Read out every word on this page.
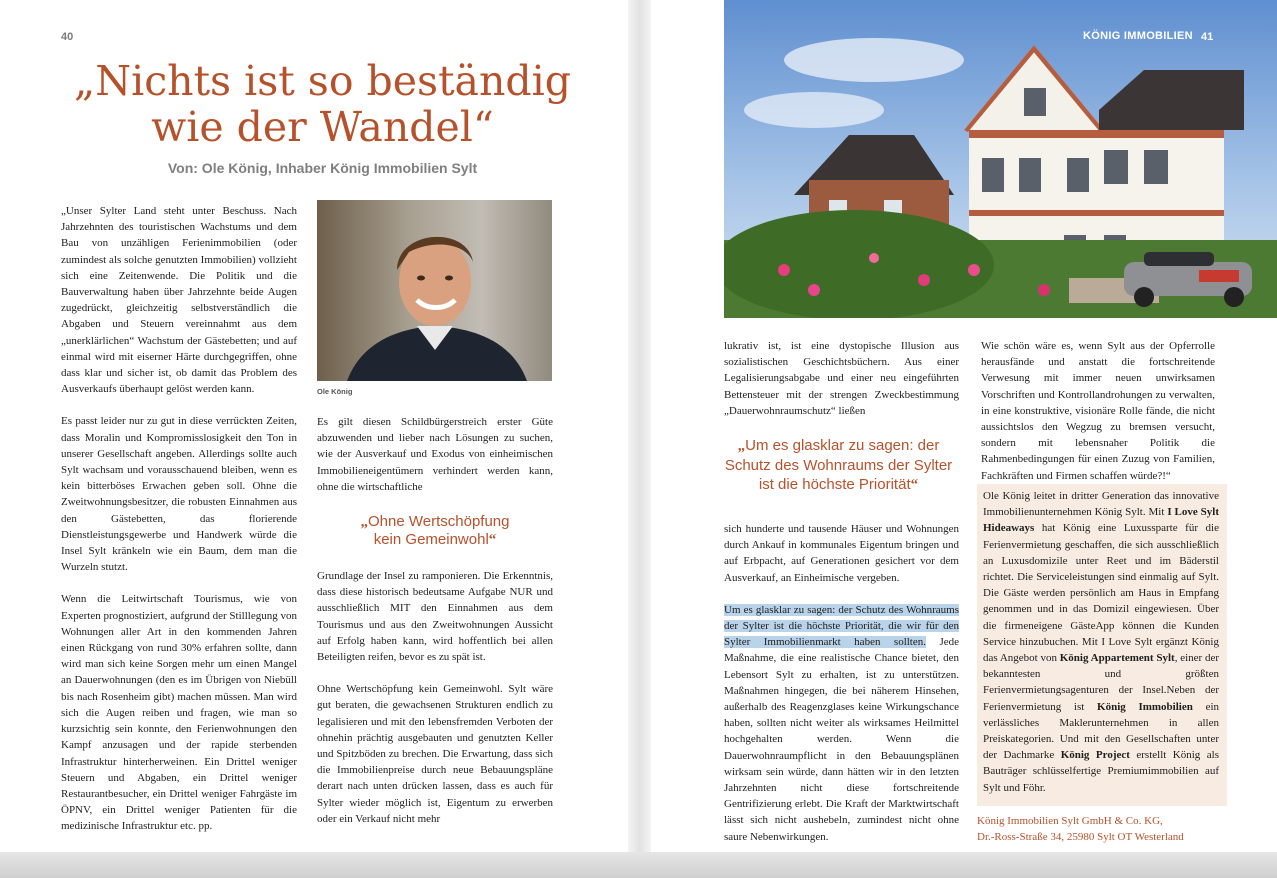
40
„Nichts ist so beständig
wie der Wandel“
Von: Ole König, Inhaber König Immobilien Sylt

„Unser Sylter Land steht unter Beschuss. Nach Jahrzehnten des touristischen Wachstums und dem Bau von unzähligen Ferienimmobilien (oder zumindest als solche genutzten Immobilien) vollzieht sich eine Zeitenwende. Die Politik und die Bauverwaltung haben über Jahrzehnte beide Augen zugedrückt, gleichzeitig selbstverständlich die Abgaben und Steuern vereinnahmt aus dem „unerklärlichen“ Wachstum der Gästebetten; und auf einmal wird mit eiserner Härte durchgegriffen, ohne dass klar und sicher ist, ob damit das Problem des Ausverkaufs überhaupt gelöst werden kann.

Es passt leider nur zu gut in diese verrückten Zeiten, dass Moralin und Kompromisslosigkeit den Ton in unserer Gesellschaft angeben. Allerdings sollte auch Sylt wachsam und vorausschauend bleiben, wenn es kein bitterböses Erwachen geben soll. Ohne die Zweitwohnungsbesitzer, die robusten Einnahmen aus den Gästebetten, das florierende Dienstleistungsgewerbe und Handwerk würde die Insel Sylt kränkeln wie ein Baum, dem man die Wurzeln stutzt.

Wenn die Leitwirtschaft Tourismus, wie von Experten prognostiziert, aufgrund der Stilllegung von Wohnungen aller Art in den kommenden Jahren einen Rückgang von rund 30% erfahren sollte, dann wird man sich keine Sorgen mehr um einen Mangel an Dauerwohnungen (den es im Übrigen von Niebüll bis nach Rosenheim gibt) machen müssen. Man wird sich die Augen reiben und fragen, wie man so kurzsichtig sein konnte, den Ferienwohnungen den Kampf anzusagen und der rapide sterbenden Infrastruktur hinterherweinen. Ein Drittel weniger Steuern und Abgaben, ein Drittel weniger Restaurantbesucher, ein Drittel weniger Fahrgäste im ÖPNV, ein Drittel weniger Patienten für die medizinische Infrastruktur etc. pp.

Ole König

Es gilt diesen Schildbürgerstreich erster Güte abzuwenden und lieber nach Lösungen zu suchen, wie der Ausverkauf und Exodus von einheimischen Immobilieneigentümern verhindert werden kann, ohne die wirtschaftliche

„Ohne Wertschöpfung
kein Gemeinwohl“

Grundlage der Insel zu ramponieren. Die Erkenntnis, dass diese historisch bedeutsame Aufgabe NUR und ausschließlich MIT den Einnahmen aus dem Tourismus und aus den Zweitwohnungen Aussicht auf Erfolg haben kann, wird hoffentlich bei allen Beteiligten reifen, bevor es zu spät ist.

Ohne Wertschöpfung kein Gemeinwohl. Sylt wäre gut beraten, die gewachsenen Strukturen endlich zu legalisieren und mit den lebensfremden Verboten der ohnehin prächtig ausgebauten und genutzten Keller und Spitzböden zu brechen. Die Erwartung, dass sich die Immobilienpreise durch neue Bebauungspläne derart nach unten drücken lassen, dass es auch für Sylter wieder möglich ist, Eigentum zu erwerben oder ein Verkauf nicht mehr

KÖNIG IMMOBILIEN 41

lukrativ ist, ist eine dystopische Illusion aus sozialistischen Geschichtsbüchern. Aus einer Legalisierungsabgabe und einer neu eingeführten Bettensteuer mit der strengen Zweckbestimmung „Dauerwohnraumschutz“ ließen

„Um es glasklar zu sagen: der Schutz des Wohnraums der Sylter ist die höchste Priorität“

sich hunderte und tausende Häuser und Wohnungen durch Ankauf in kommunales Eigentum bringen und auf Erbpacht, auf Generationen gesichert vor dem Ausverkauf, an Einheimische vergeben.

Um es glasklar zu sagen: der Schutz des Wohnraums der Sylter ist die höchste Priorität, die wir für den Sylter Immobilienmarkt haben sollten. Jede Maßnahme, die eine realistische Chance bietet, den Lebensort Sylt zu erhalten, ist zu unterstützen. Maßnahmen hingegen, die bei näherem Hinsehen, außerhalb des Reagenzglases keine Wirkungschance haben, sollten nicht weiter als wirksames Heilmittel hochgehalten werden. Wenn die Dauerwohnraumpflicht in den Bebauungsplänen wirksam sein würde, dann hätten wir in den letzten Jahrzehnten nicht diese fortschreitende Gentrifizierung erlebt. Die Kraft der Marktwirtschaft lässt sich nicht aushebeln, zumindest nicht ohne saure Nebenwirkungen.

Wie schön wäre es, wenn Sylt aus der Opferrolle herausfände und anstatt die fortschreitende Verwesung mit immer neuen unwirksamen Vorschriften und Kontrollandrohungen zu verwalten, in eine konstruktive, visionäre Rolle fände, die nicht aussichtslos den Wegzug zu bremsen versucht, sondern mit lebensnaher Politik die Rahmenbedingungen für einen Zuzug von Familien, Fachkräften und Firmen schaffen würde?!“

Ole König leitet in dritter Generation das innovative Immobilienunternehmen König Sylt. Mit I Love Sylt Hideaways hat König eine Luxussparte für die Ferienvermietung geschaffen, die sich ausschließlich an Luxusdomizile unter Reet und im Bäderstil richtet. Die Serviceleistungen sind einmalig auf Sylt. Die Gäste werden persönlich am Haus in Empfang genommen und in das Domizil eingewiesen. Über die firmeneigene GästeApp können die Kunden Service hinzubuchen. Mit I Love Sylt ergänzt König das Angebot von König Appartement Sylt, einer der bekanntesten und größten Ferienvermietungsagenturen der Insel.Neben der Ferienvermietung ist König Immobilien ein verlässliches Maklerunternehmen in allen Preiskategorien. Und mit den Gesellschaften unter der Dachmarke König Project erstellt König als Bauträger schlüsselfertige Premiumimmobilien auf Sylt und Föhr.
König Immobilien Sylt GmbH & Co. KG,
Dr.-Ross-Straße 34, 25980 Sylt OT Westerland
